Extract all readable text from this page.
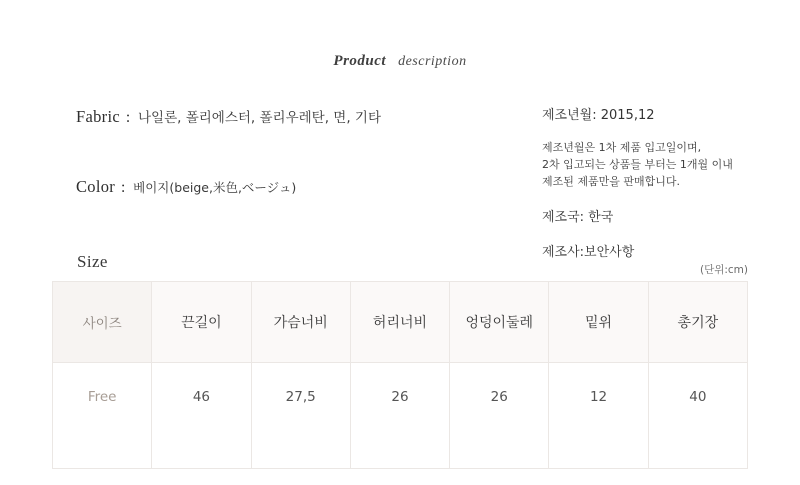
Product description
Fabric : 나일론, 폴리에스터, 폴리우레탄, 면, 기타
Color : 베이지(beige,米色,ベージュ)
제조년월: 2015,12
제조년월은 1차 제품 입고일이며,
2차 입고되는 상품들 부터는 1개월 이내
제조된 제품만을 판매합니다.
제조국: 한국
제조사:보안사항
Size	(단위:cm)
사이즈	끈길이	가슴너비	허리너비	엉덩이둘레	밑위	총기장
Free	46	27,5	26	26	12	40
